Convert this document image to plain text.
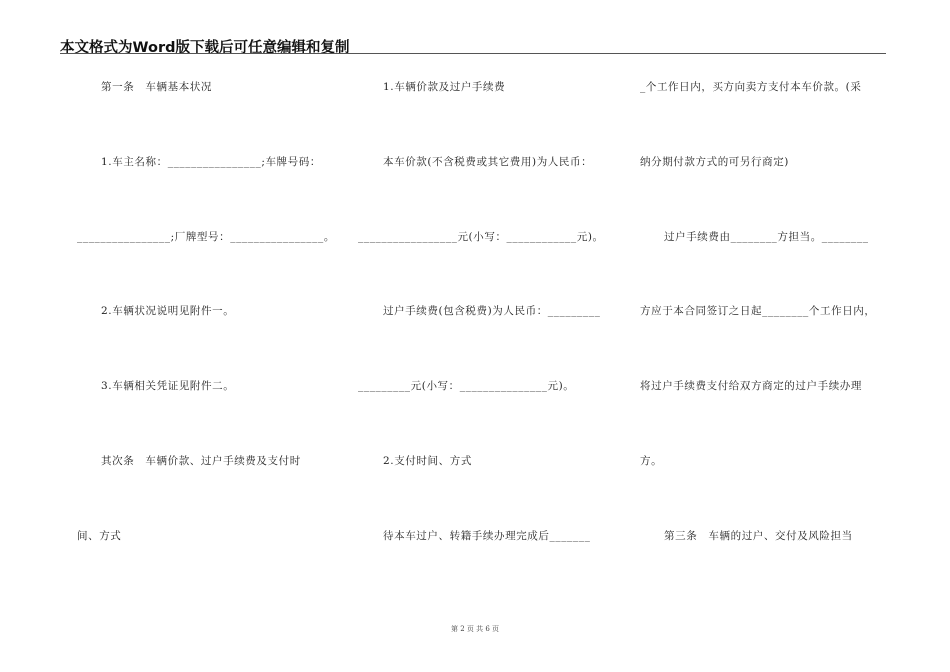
本文格式为Word版下载后可任意编辑和复制
第一条　车辆基本状况
1.车主名称：________________;车牌号码：
________________;厂牌型号：________________。
2.车辆状况说明见附件一。
3.车辆相关凭证见附件二。
其次条　车辆价款、过户手续费及支付时
间、方式
1.车辆价款及过户手续费
本车价款(不含税费或其它费用)为人民币：
_________________元(小写：____________元)。
过户手续费(包含税费)为人民币：_________
_________元(小写：_______________元)。
2.支付时间、方式
待本车过户、转籍手续办理完成后_______
_个工作日内，买方向卖方支付本车价款。(采
纳分期付款方式的可另行商定)
过户手续费由________方担当。________
方应于本合同签订之日起________个工作日内，
将过户手续费支付给双方商定的过户手续办理
方。
第三条　车辆的过户、交付及风险担当
第 2 页 共 6 页
